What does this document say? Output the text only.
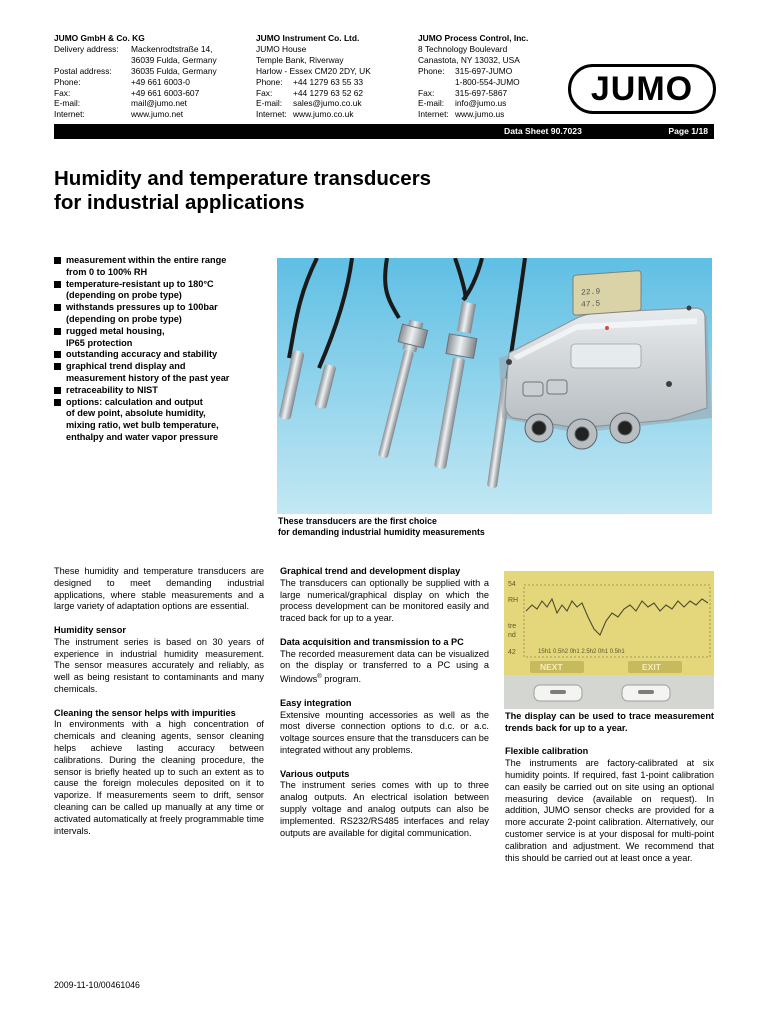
JUMO GmbH & Co. KG
Delivery address:	Mackenrodtstraße 14,
36039 Fulda, Germany
Postal address:	36035 Fulda, Germany
Phone:	+49 661 6003-0
Fax:	+49 661 6003-607
E-mail:	mail@jumo.net
Internet:	www.jumo.net
JUMO Instrument Co. Ltd.
JUMO House
Temple Bank, Riverway
Harlow - Essex CM20 2DY, UK
Phone:	+44 1279 63 55 33
Fax:	+44 1279 63 52 62
E-mail:	sales@jumo.co.uk
Internet: www.jumo.co.uk
JUMO Process Control, Inc.
8 Technology Boulevard
Canastota, NY 13032, USA
Phone:	315-697-JUMO
1-800-554-JUMO
Fax:	315-697-5867
E-mail:	info@jumo.us
Internet: www.jumo.us
JUMO
Data Sheet 90.7023	Page 1/18
Humidity and temperature transducers
for industrial applications
measurement within the entire range
from 0 to 100% RH
temperature-resistant up to 180°C
(depending on probe type)
withstands pressures up to 100bar
(depending on probe type)
rugged metal housing,
IP65 protection
outstanding accuracy and stability
graphical trend display and
measurement history of the past year
retraceability to NIST
options: calculation and output
of dew point, absolute humidity,
mixing ratio, wet bulb temperature,
enthalpy and water vapor pressure
22.9
47.5
These transducers are the first choice
for demanding industrial humidity measurements

These humidity and temperature transducers are designed to meet demanding industrial applications, where stable measurements and a large variety of adaptation options are essential.

Humidity sensor

The instrument series is based on 30 years of experience in industrial humidity measurement. The sensor measures accurately and reliably, as well as being resistant to contaminants and many chemicals.

Cleaning the sensor helps with impurities

In environments with a high concentration of chemicals and cleaning agents, sensor cleaning helps achieve lasting accuracy between calibrations. During the cleaning procedure, the sensor is briefly heated up to such an extent as to cause the foreign molecules deposited on it to vaporize. If measurements seem to drift, sensor cleaning can be called up manually at any time or activated automatically at freely programmable time intervals.

Graphical trend and development display

The transducers can optionally be supplied with a large numerical/graphical display on which the process development can be monitored easily and traced back for up to a year.

Data acquisition and transmission to a PC

The recorded measurement data can be visualized on the display or transferred to a PC using a Windows® program.

Easy integration

Extensive mounting accessories as well as the most diverse connection options to d.c. or a.c. voltage sources ensure that the transducers can be integrated without any problems.

Various outputs

The instrument series comes with up to three analog outputs. An electrical isolation between supply voltage and analog outputs can also be implemented. RS232/RS485 interfaces and relay outputs are available for digital communication.

54
RH
tre
nd
42	15h1 0.5h2 0h1 2.5h2 0h1 0.5h1
NEXT	EXIT

The display can be used to trace measurement trends back for up to a year.

Flexible calibration

The instruments are factory-calibrated at six humidity points. If required, fast 1-point calibration can easily be carried out on site using an optional measuring device (available on request). In addition, JUMO sensor checks are provided for a more accurate 2-point calibration. Alternatively, our customer service is at your disposal for multi-point calibration and adjustment. We recommend that this should be carried out at least once a year.

2009-11-10/00461046
